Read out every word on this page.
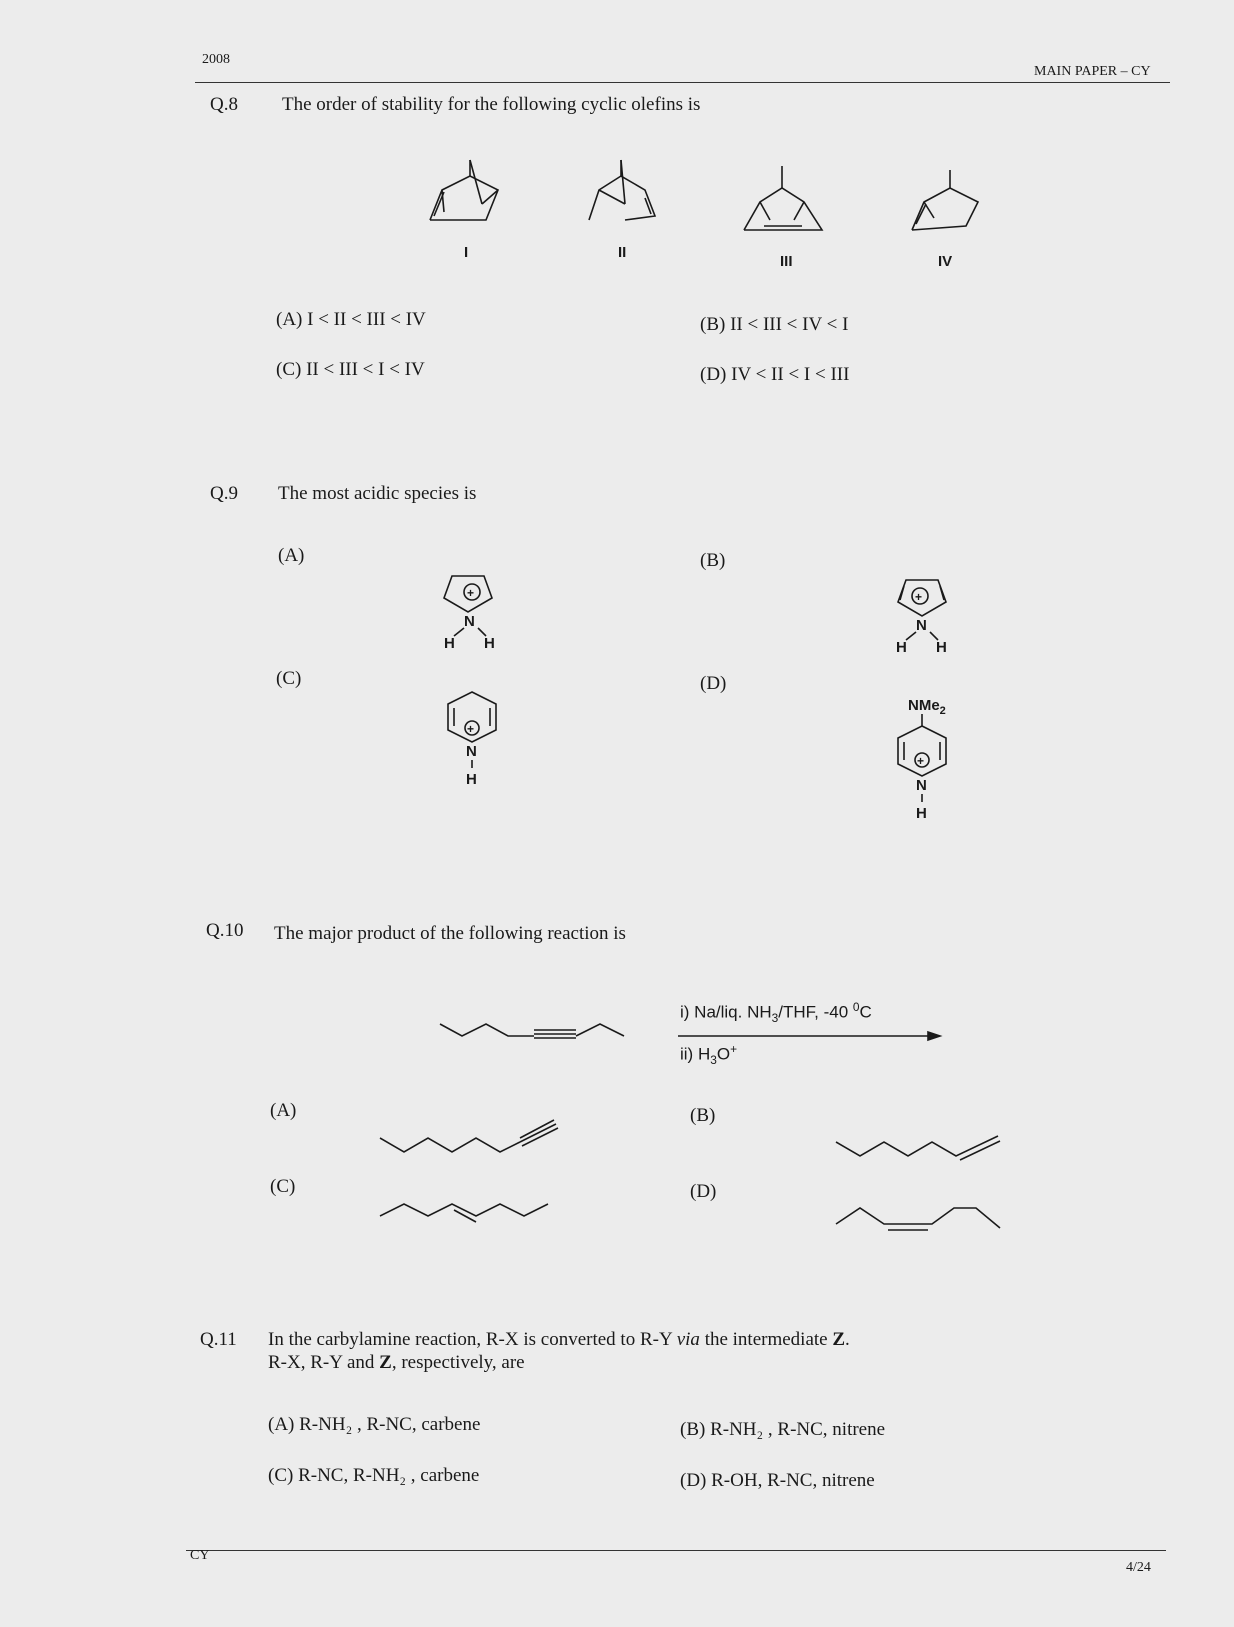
2008
MAIN PAPER – CY
Q.8 The order of stability for the following cyclic olefins is
I	II
III	IV
(A) I < II < III < IV	(B) II < III < IV < I
(C) II < III < I < IV	(D) IV < II < I < III
Q.9 The most acidic species is
(A)	(B)
(C)	(D)
+
N
H H
+
N
H H
+
N
H
NMe$_2$
+
N
H
Q.10 The major product of the following reaction is
i) Na/liq. $NH_3$/THF, -40 $^0$C
ii) $H_3O^+$
(A)	(B)
(C)	(D)
Q.11 In the carbylamine reaction, R-X is converted to R-Y via the intermediate Z.
R-X, R-Y and Z, respectively, are
(A) R-NH₂ , R-NC, carbene	(B) R-NH₂ , R-NC, nitrene
(C) R-NC, R-NH₂ , carbene	(D) R-OH, R-NC, nitrene
CY
4/24
